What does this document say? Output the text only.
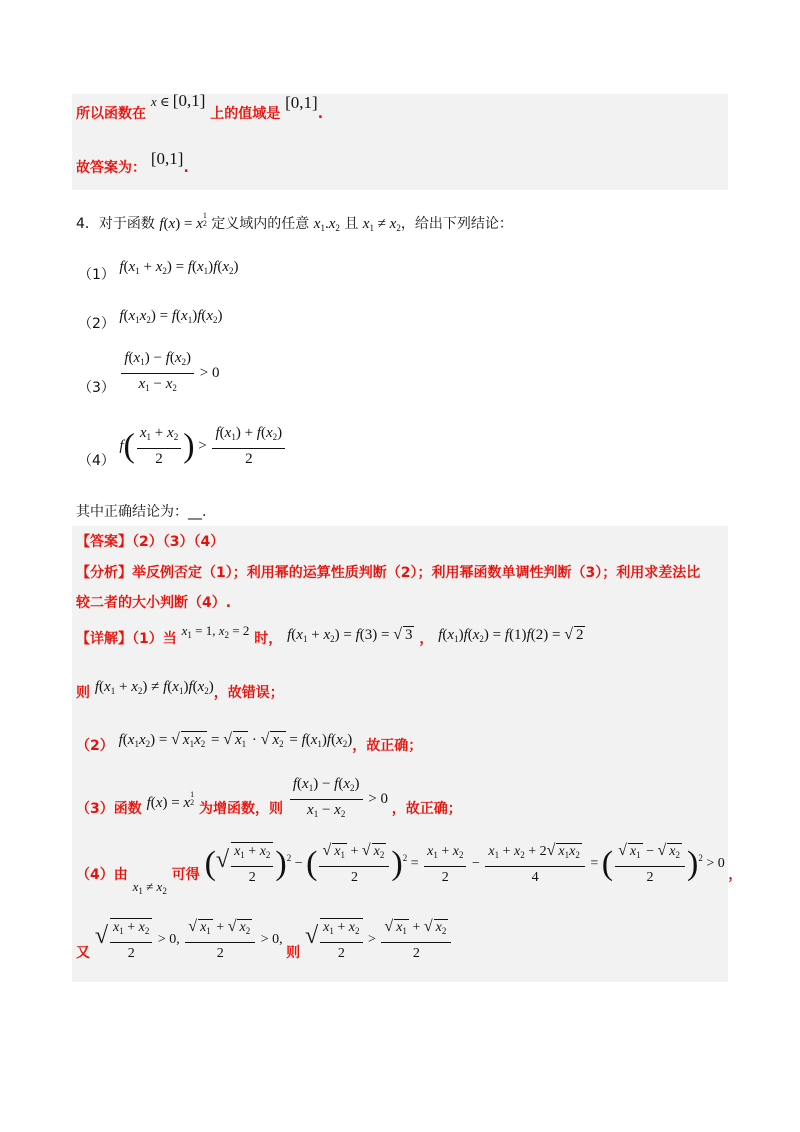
所以函数在 x ∈ [0,1] 上的值域是 [0,1].
故答案为： [0,1].
4．对于函数 f(x) = x
$^{1 2}$ 定义域内的任意 $x_1.x_2$ 且 $x_1 \ne x_2$，给出下列结论：
（1） $f(x_1 + x_2) = f(x_1)f(x_2)$
（2） $f(x_1x_2) = f(x_1)f(x_2)$
$(3) \frac{f(x_1) - f(x_2)}{x_1 - x_2} > 0$
（4） $f( \frac{x_1 + x_2}{2}$ ) > $\frac{f(x_1) + f(x_2)}{2}$
其中正确结论为：__.
【答案】（2）（3）（4）
【分析】举反例否定（1）；利用幂的运算性质判断（2）；利用幂函数单调性判断（3）；利用求差法比
较二者的大小判断（4）.
【详解】（1）当 $x_1 = 1$, $x_2 = 2$ 时， $f(x_1 + x_2) = f(3)$ = √ 3 ， $f(x_1)f(x_2) = f(1)f(2)$ = √ 2
则 $f(x_1 + x_2) \ne f(x_1)f(x_2)$，故错误；
（2） $f(x_1x_2)$ = √ $x_1x_2$ = √ $x_1$ · √ $x_2 = f(x_1)f(x_2)$，故正确；
（3）函数 f(x) = x
$^{1 2}$ 为增函数，则 $\frac{f(x_1) - f(x_2)}{x_1 - x_2} > 0$ ，故正确；
（4）由 $x_1 \ne x_2$ 可得 (√ $\frac{x_1 + x_2}{2} )^2$ − ( $\frac{√ x_1 + √ x_2}{2} )^2 = \frac{x_1 + x_2}{2} - \frac{x_1 + x_2 + 2√ x_1x_2}{4}$ = ( $\frac{√ x_1 - √ x_2}{2} )^2 > 0$ ，
又 √ $\frac{x_1 + x_2}{2} > 0$, $\frac{√ x_1 + √ x_2}{2} > 0$, 则 √ $\frac{x_1 + x_2}{2} > \frac{√ x_1 + √ x_2}{2}$
